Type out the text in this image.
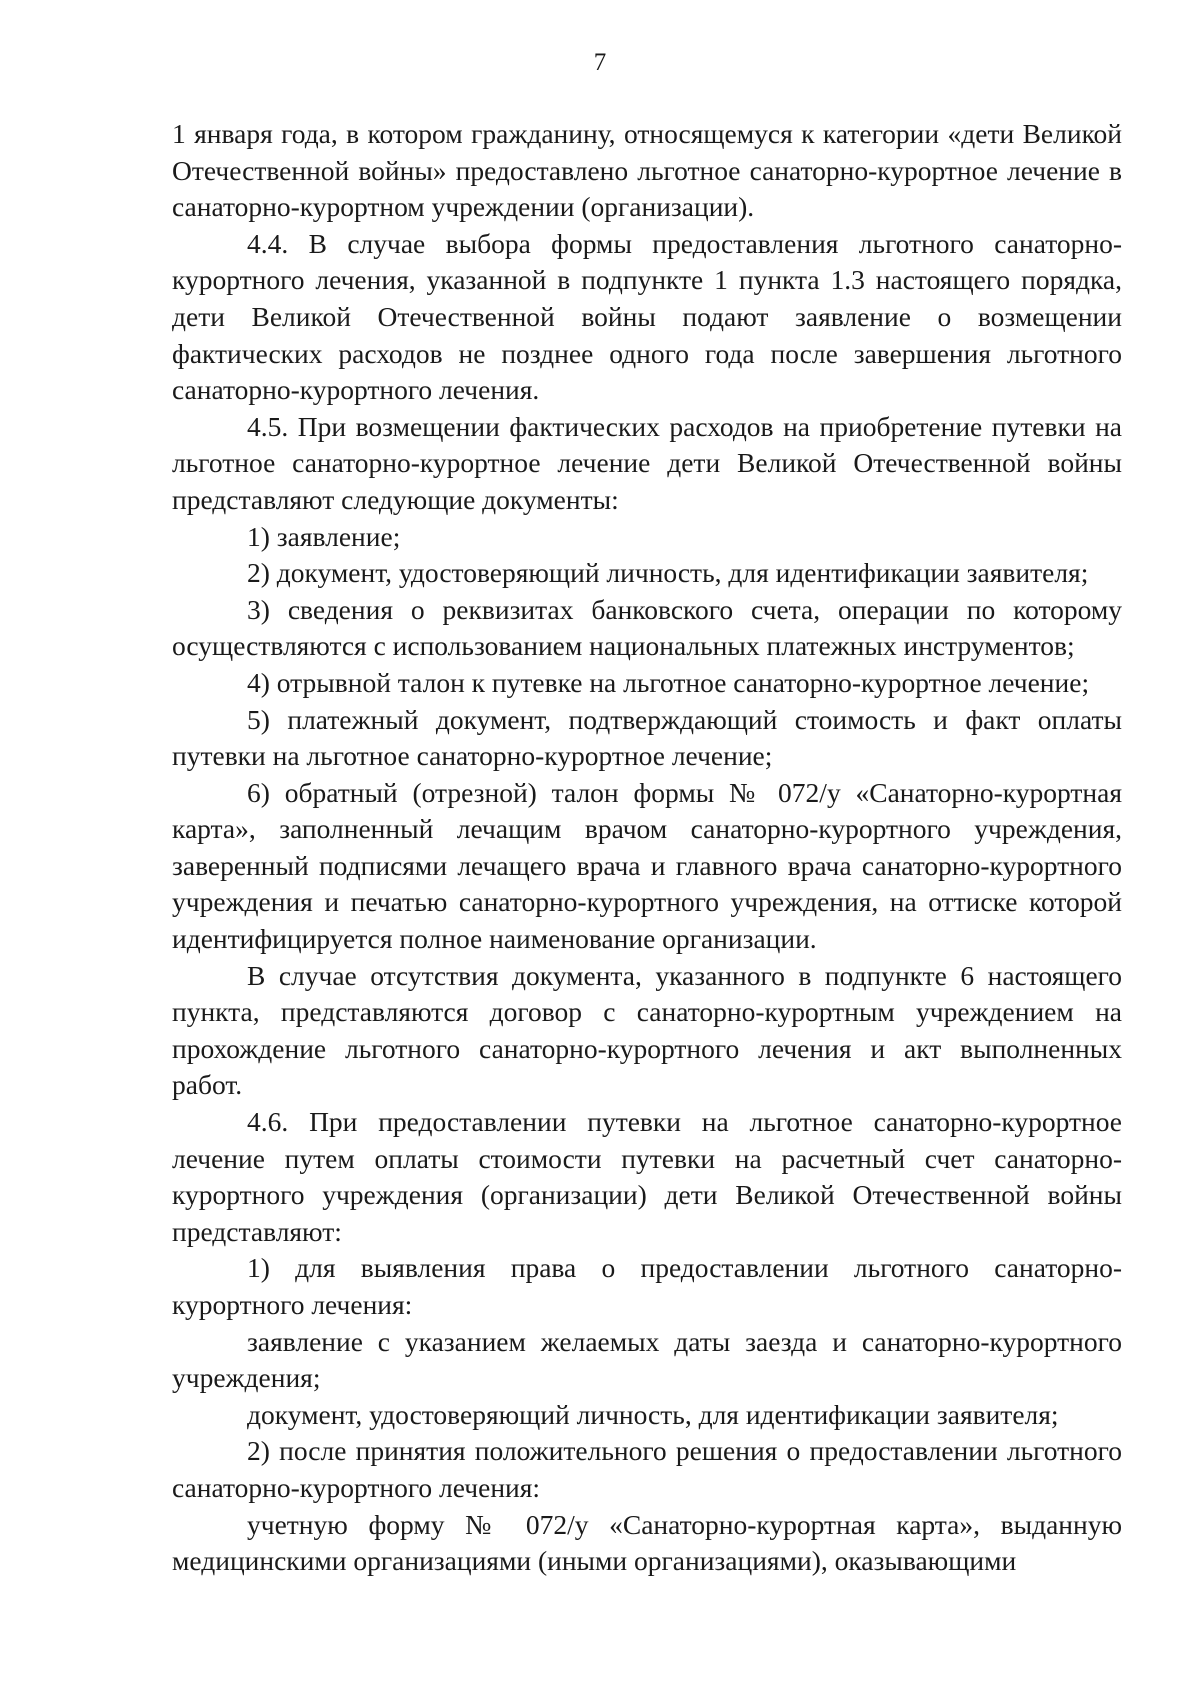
7

1 января года, в котором гражданину, относящемуся к категории «дети Великой Отечественной войны» предоставлено льготное санаторно-курортное лечение в санаторно-курортном учреждении (организации).

4.4. В случае выбора формы предоставления льготного санаторно-курортного лечения, указанной в подпункте 1 пункта 1.3 настоящего порядка, дети Великой Отечественной войны подают заявление о возмещении фактических расходов не позднее одного года после завершения льготного санаторно-курортного лечения.

4.5. При возмещении фактических расходов на приобретение путевки на льготное санаторно-курортное лечение дети Великой Отечественной войны представляют следующие документы:

1) заявление;

2) документ, удостоверяющий личность, для идентификации заявителя;

3) сведения о реквизитах банковского счета, операции по которому осуществляются с использованием национальных платежных инструментов;

4) отрывной талон к путевке на льготное санаторно-курортное лечение;

5) платежный документ, подтверждающий стоимость и факт оплаты путевки на льготное санаторно-курортное лечение;

6) обратный (отрезной) талон формы № 072/у «Санаторно-курортная карта», заполненный лечащим врачом санаторно-курортного учреждения, заверенный подписями лечащего врача и главного врача санаторно-курортного учреждения и печатью санаторно-курортного учреждения, на оттиске которой идентифицируется полное наименование организации.

В случае отсутствия документа, указанного в подпункте 6 настоящего пункта, представляются договор с санаторно-курортным учреждением на прохождение льготного санаторно-курортного лечения и акт выполненных работ.

4.6. При предоставлении путевки на льготное санаторно-курортное лечение путем оплаты стоимости путевки на расчетный счет санаторно-курортного учреждения (организации) дети Великой Отечественной войны представляют:

1) для выявления права о предоставлении льготного санаторно-курортного лечения:

заявление с указанием желаемых даты заезда и санаторно-курортного учреждения;

документ, удостоверяющий личность, для идентификации заявителя;

2) после принятия положительного решения о предоставлении льготного санаторно-курортного лечения:

учетную форму № 072/у «Санаторно-курортная карта», выданную медицинскими организациями (иными организациями), оказывающими
